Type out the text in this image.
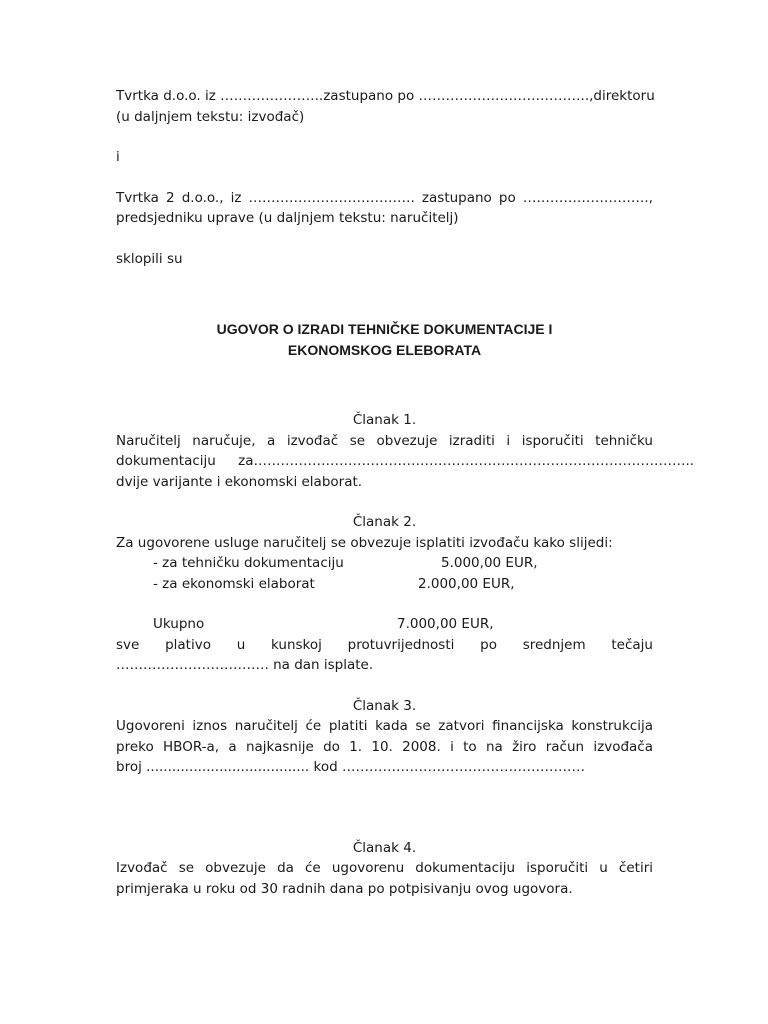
Tvrtka d.o.o. iz ………………….. zastupano po ……………………………….., direktoru
(u daljnjem tekstu: izvođač)
i
Tvrtka 2 d.o.o., iz ………………………………. zastupano po ……………………….,
predsjedniku uprave (u daljnjem tekstu: naručitelj)
sklopili su
UGOVOR O IZRADI TEHNIČKE DOKUMENTACIJE I
EKONOMSKOG ELEBORATA
Članak 1.
Naručitelj naručuje, a izvođač se obvezuje izraditi i isporučiti tehničku
dokumentaciju za ……………………………………………………………………………………..
dvije varijante i ekonomski elaborat.
Članak 2.
Za ugovorene usluge naručitelj se obvezuje isplatiti izvođaču kako slijedi:
- za tehničku dokumentaciju	5.000,00 EUR,
- za ekonomski elaborat	2.000,00 EUR,
Ukupno	7.000,00 EUR,
sve plativo u kunskoj protuvrijednosti po srednjem tečaju
……………………………. na dan isplate.
Članak 3.
Ugovoreni iznos naručitelj će platiti kada se zatvori financijska konstrukcija
preko HBOR-a, a najkasnije do 1. 10. 2008. i to na žiro račun izvođača
broj ...................................... kod ………………………………………………
Članak 4.
Izvođač se obvezuje da će ugovorenu dokumentaciju isporučiti u četiri
primjeraka u roku od 30 radnih dana po potpisivanju ovog ugovora.
